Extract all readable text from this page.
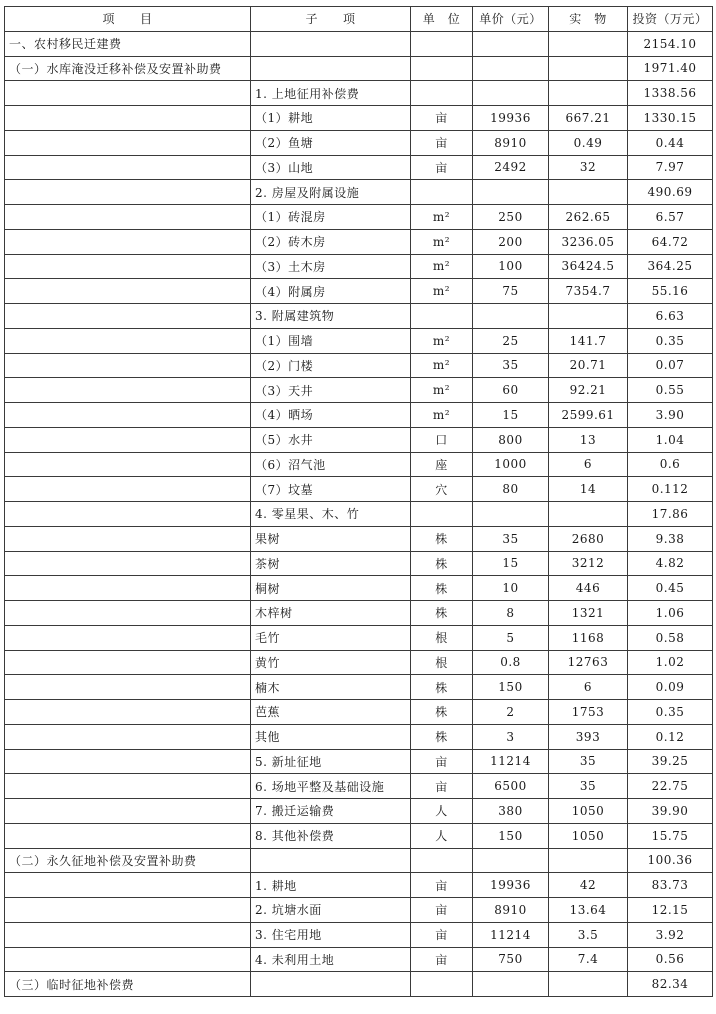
项　　目	子　　项	单　位	单价（元）	实　物	投资（万元）
一、农村移民迁建费					2154.10
（一）水库淹没迁移补偿及安置补助费					1971.40
	1. 上地征用补偿费				1338.56
	（1）耕地	亩	19936	667.21	1330.15
	（2）鱼塘	亩	8910	0.49	0.44
	（3）山地	亩	2492	32	7.97
	2. 房屋及附属设施				490.69
	（1）砖混房	m²	250	262.65	6.57
	（2）砖木房	m²	200	3236.05	64.72
	（3）土木房	m²	100	36424.5	364.25
	（4）附属房	m²	75	7354.7	55.16
	3. 附属建筑物				6.63
	（1）围墙	m²	25	141.7	0.35
	（2）门楼	m²	35	20.71	0.07
	（3）天井	m²	60	92.21	0.55
	（4）晒场	m²	15	2599.61	3.90
	（5）水井	口	800	13	1.04
	（6）沼气池	座	1000	6	0.6
	（7）坟墓	穴	80	14	0.112
	4. 零星果、木、竹				17.86
	果树	株	35	2680	9.38
	茶树	株	15	3212	4.82
	桐树	株	10	446	0.45
	木梓树	株	8	1321	1.06
	毛竹	根	5	1168	0.58
	黄竹	根	0.8	12763	1.02
	楠木	株	150	6	0.09
	芭蕉	株	2	1753	0.35
	其他	株	3	393	0.12
	5. 新址征地	亩	11214	35	39.25
	6. 场地平整及基础设施	亩	6500	35	22.75
	7. 搬迁运输费	人	380	1050	39.90
	8. 其他补偿费	人	150	1050	15.75
（二）永久征地补偿及安置补助费					100.36
	1. 耕地	亩	19936	42	83.73
	2. 坑塘水面	亩	8910	13.64	12.15
	3. 住宅用地	亩	11214	3.5	3.92
	4. 未利用土地	亩	750	7.4	0.56
（三）临时征地补偿费					82.34
